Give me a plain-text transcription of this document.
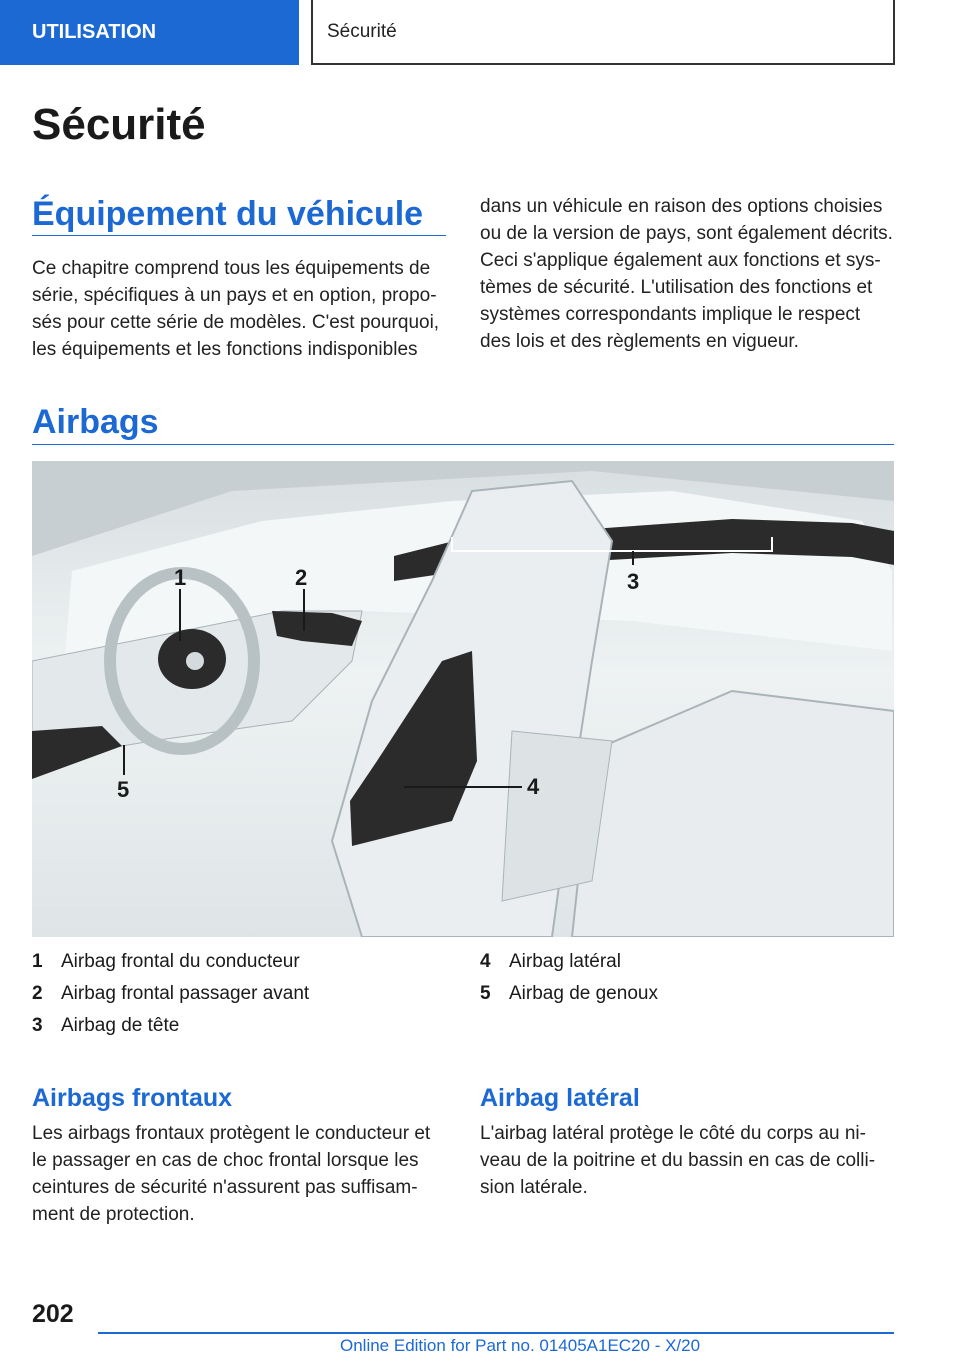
UTILISATION	Sécurité
Sécurité
Équipement du véhicule

Ce chapitre comprend tous les équipements de série, spécifiques à un pays et en option, propo-sés pour cette série de modèles. C'est pourquoi, les équipements et les fonctions indisponibles

dans un véhicule en raison des options choisies ou de la version de pays, sont également décrits. Ceci s'applique également aux fonctions et sys-tèmes de sécurité. L'utilisation des fonctions et systèmes correspondants implique le respect des lois et des règlements en vigueur.

Airbags
1	2	3
4
5
1 Airbag frontal du conducteur
2 Airbag frontal passager avant
3 Airbag de tête
4 Airbag latéral
5 Airbag de genoux
Airbags frontaux

Les airbags frontaux protègent le conducteur et le passager en cas de choc frontal lorsque les ceintures de sécurité n'assurent pas suffisam-ment de protection.

Airbag latéral

L'airbag latéral protège le côté du corps au ni-veau de la poitrine et du bassin en cas de colli-sion latérale.

202
Online Edition for Part no. 01405A1EC20 - X/20
